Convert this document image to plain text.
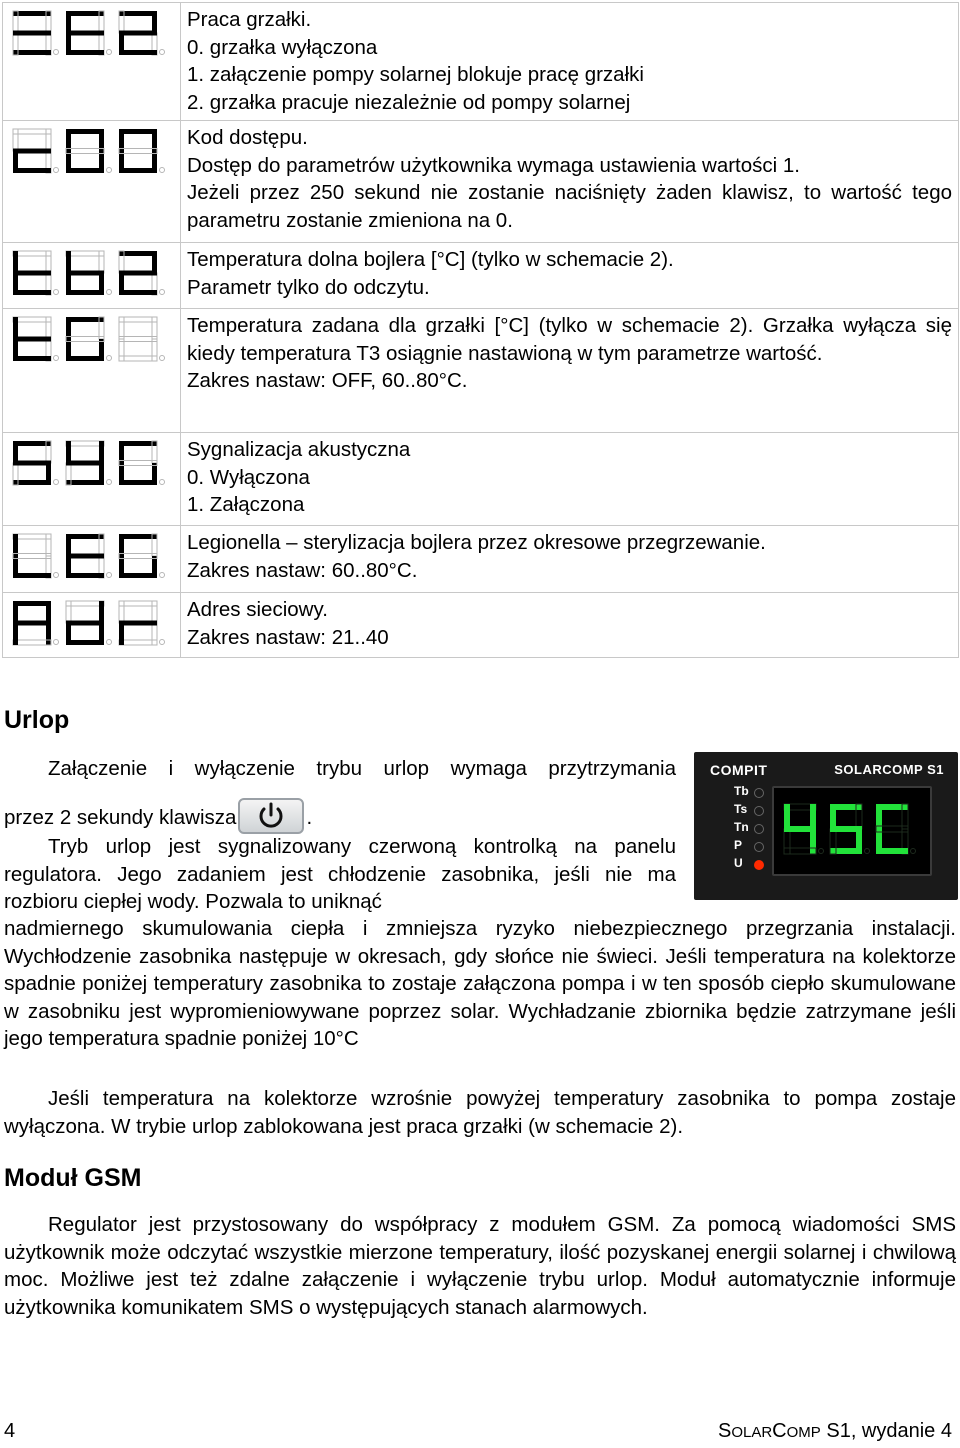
Praca grzałki.
0. grzałka wyłączona
1. załączenie pompy solarnej blokuje pracę grzałki
2. grzałka pracuje niezależnie od pompy solarnej

Kod dostępu.
Dostęp do parametrów użytkownika wymaga ustawienia wartości 1.
Jeżeli przez 250 sekund nie zostanie naciśnięty żaden klawisz, to wartość tego parametru zostanie zmieniona na 0.

Temperatura dolna bojlera [°C] (tylko w schemacie 2).
Parametr tylko do odczytu.

Temperatura zadana dla grzałki [°C] (tylko w schemacie 2). Grzałka wyłącza się kiedy temperatura T3 osiągnie nastawioną w tym parametrze wartość.
Zakres nastaw: OFF, 60..80°C.

Sygnalizacja akustyczna
0. Wyłączona
1. Załączona

Legionella – sterylizacja bojlera przez okresowe przegrzewanie.
Zakres nastaw: 60..80°C.

Adres sieciowy.
Zakres nastaw: 21..40
Urlop

Załączenie i wyłączenie trybu urlop wymaga przytrzymania

przez 2 sekundy klawisza	.

Tryb urlop jest sygnalizowany czerwoną kontrolką na panelu regulatora. Jego zadaniem jest chłodzenie zasobnika, jeśli nie ma rozbioru ciepłej wody. Pozwala to uniknąć

nadmiernego skumulowania ciepła i zmniejsza ryzyko niebezpiecznego przegrzania instalacji. Wychłodzenie zasobnika następuje w okresach, gdy słońce nie świeci. Jeśli temperatura na kolektorze spadnie poniżej temperatury zasobnika to zostaje załączona pompa i w ten sposób ciepło skumulowane w zasobniku jest wypromieniowywane poprzez solar. Wychładzanie zbiornika będzie zatrzymane jeśli jego temperatura spadnie poniżej 10°C

Jeśli temperatura na kolektorze wzrośnie powyżej temperatury zasobnika to pompa zostaje wyłączona. W trybie urlop zablokowana jest praca grzałki (w schemacie 2).

COMPIT	SOLARCOMP S1
Tb
Ts
Tn
P
U
Moduł GSM

Regulator jest przystosowany do współpracy z modułem GSM. Za pomocą wiadomości SMS użytkownik może odczytać wszystkie mierzone temperatury, ilość pozyskanej energii solarnej i chwilową moc. Możliwe jest też zdalne załączenie i wyłączenie trybu urlop. Moduł automatycznie informuje użytkownika komunikatem SMS o występujących stanach alarmowych.

4	SOLARCOMP S1, wydanie 4
